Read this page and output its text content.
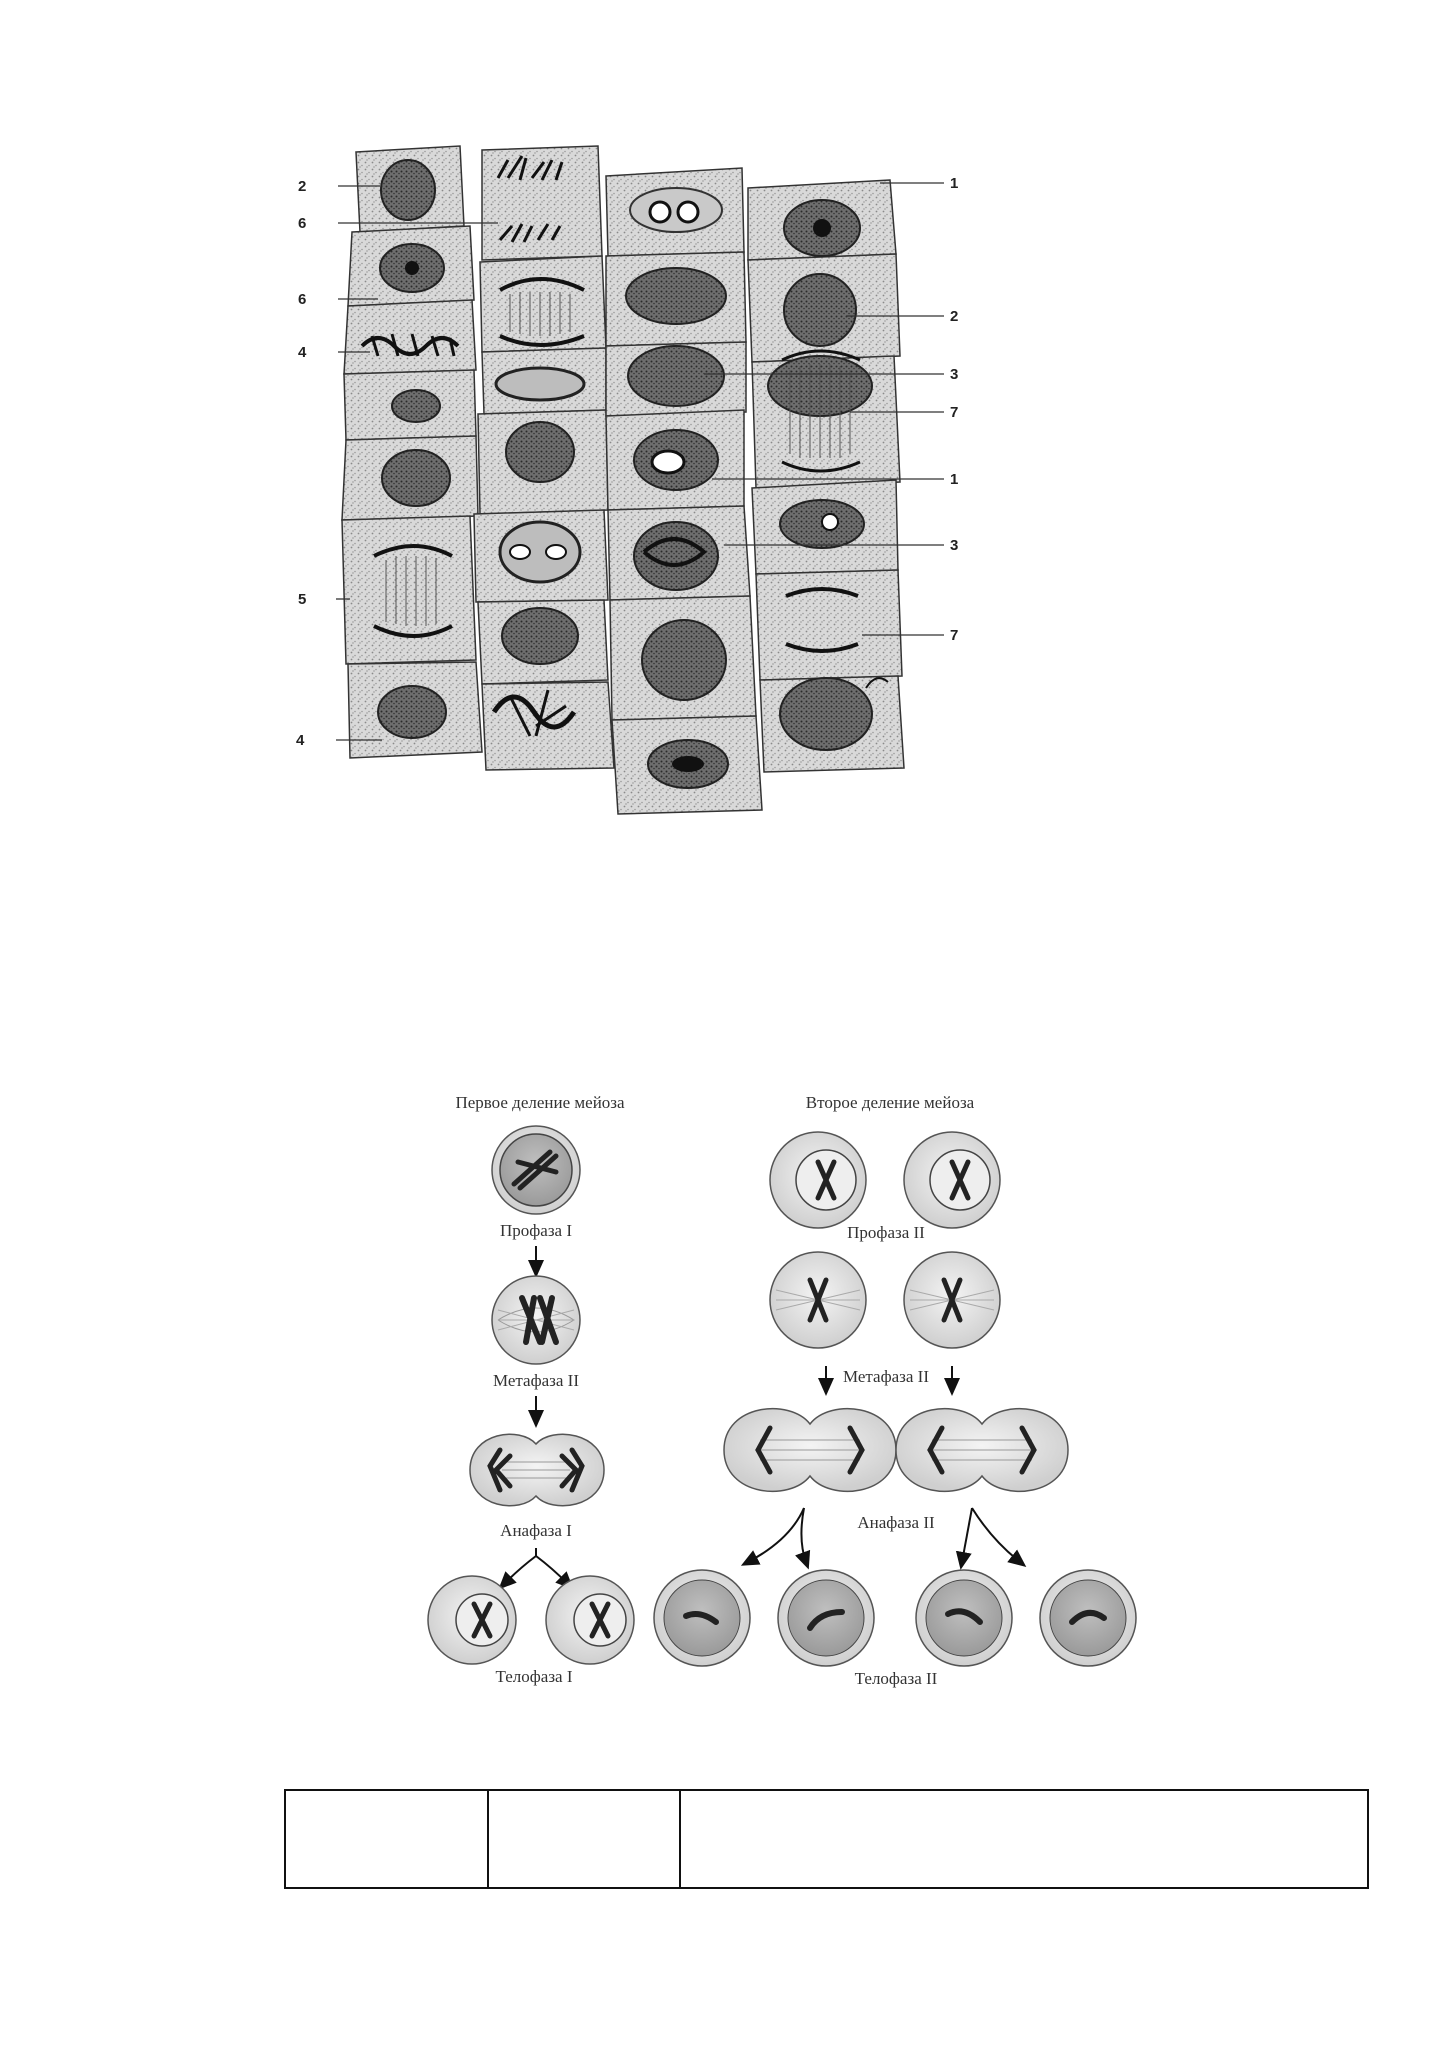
2
6
6
4
5
4
1
2
3
7
1
3
7
Первое деление мейоза	Второе деление мейоза
Профаза I
Метафаза II
Анафаза I
Телофаза I
Профаза II
Метафаза II
Анафаза II
Телофаза II
